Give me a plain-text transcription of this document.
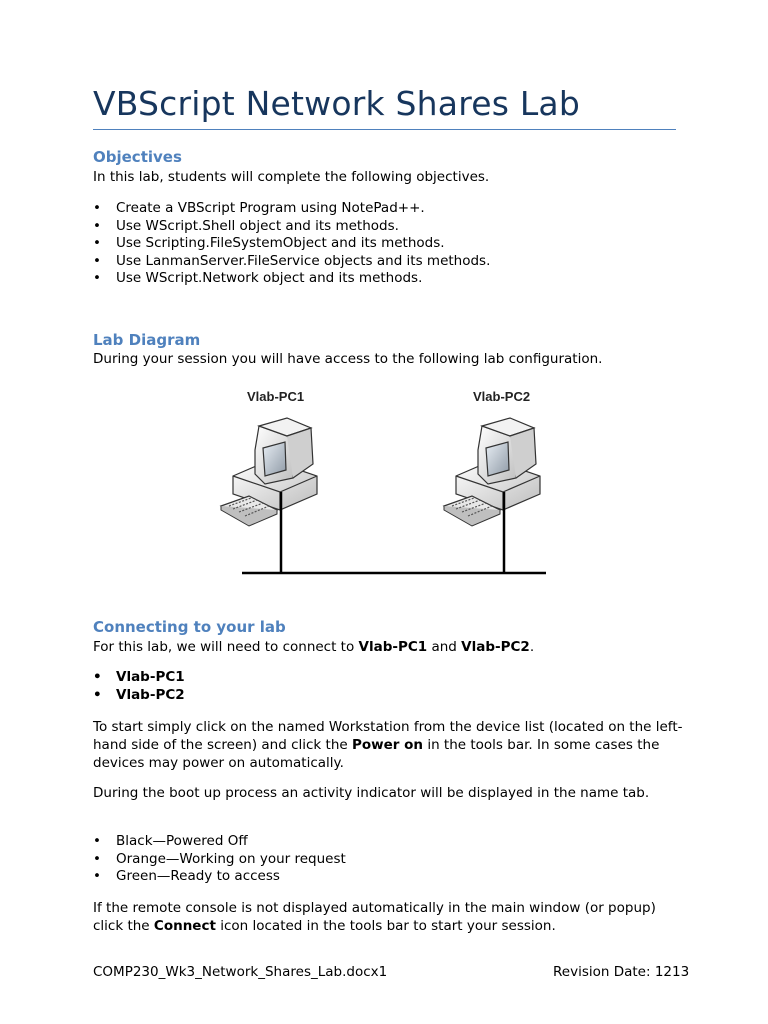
VBScript Network Shares Lab
Objectives

In this lab, students will complete the following objectives.

• Create a VBScript Program using NotePad++.
• Use WScript.Shell object and its methods.
• Use Scripting.FileSystemObject and its methods.
• Use LanmanServer.FileService objects and its methods.
• Use WScript.Network object and its methods.
Lab Diagram

During your session you will have access to the following lab configuration.

Vlab-PC1	Vlab-PC2
Connecting to your lab

For this lab, we will need to connect to Vlab-PC1 and Vlab-PC2.

• Vlab-PC1
• Vlab-PC2

To start simply click on the named Workstation from the device list (located on the left-hand side of the screen) and click the Power on in the tools bar. In some cases the devices may power on automatically.

During the boot up process an activity indicator will be displayed in the name tab.

• Black—Powered Off
• Orange—Working on your request
• Green—Ready to access

If the remote console is not displayed automatically in the main window (or popup) click the Connect icon located in the tools bar to start your session.

COMP230_Wk3_Network_Shares_Lab.docx1	Revision Date: 1213
